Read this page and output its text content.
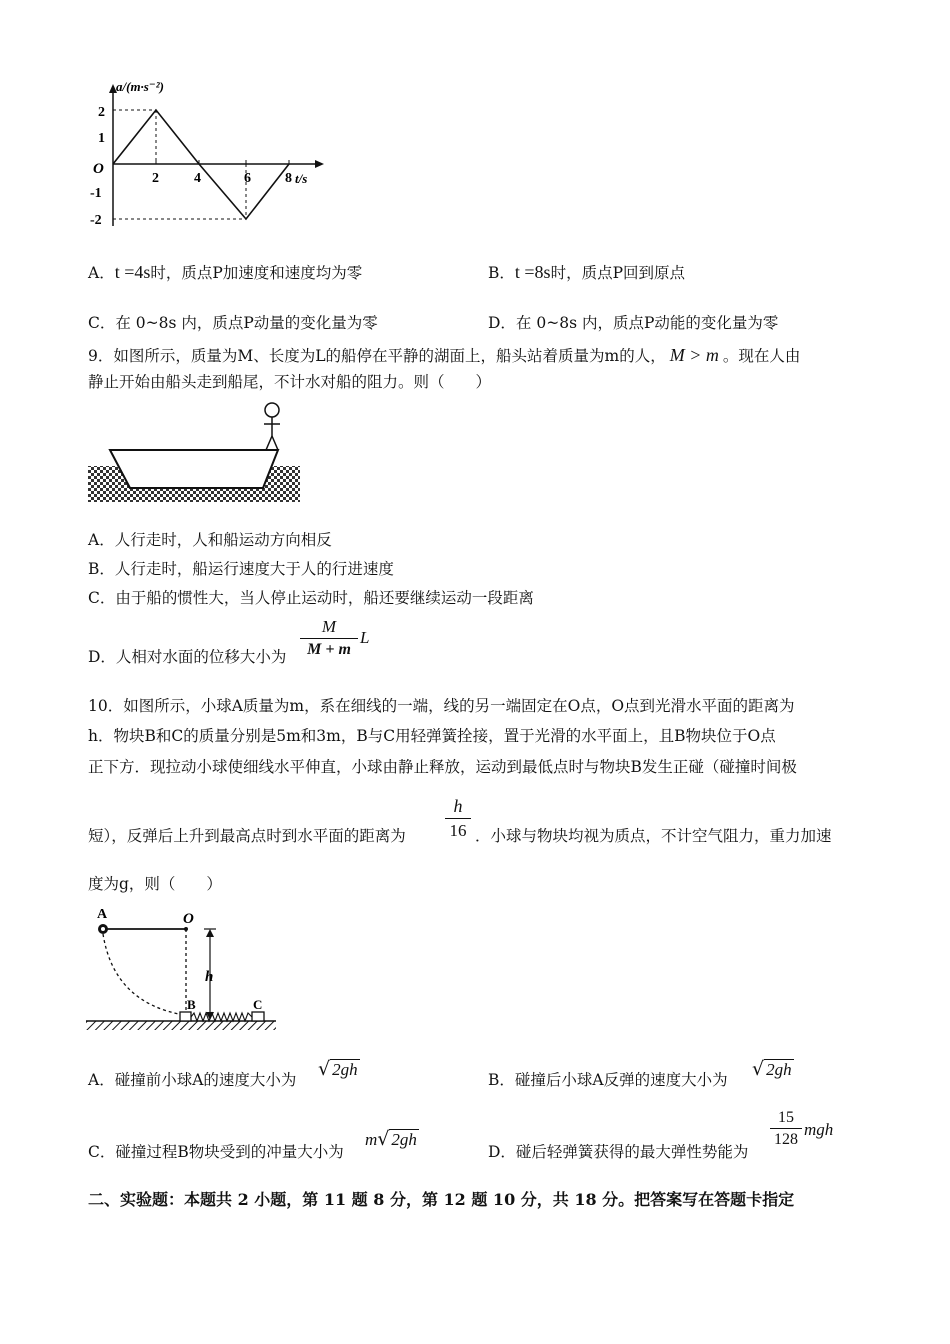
a/(m·s⁻²)
t/s
O
2	4	6 8
2
1
-1
-2
A．t =4s时，质点P加速度和速度均为零	B．t =8s时，质点P回到原点
C．在 0~8s 内，质点P动量的变化量为零	D．在 0~8s 内，质点P动能的变化量为零
9．如图所示，质量为M、长度为L的船停在平静的湖面上，船头站着质量为m的人， M > m 。现在人由
静止开始由船头走到船尾，不计水对船的阻力。则（　　）
A．人行走时，人和船运动方向相反
B．人行走时，船运行速度大于人的行进速度
C．由于船的惯性大，当人停止运动时，船还要继续运动一段距离
D．人相对水面的位移大小为 $\frac{M}{M + m}$ L
10．如图所示，小球A质量为m，系在细线的一端，线的另一端固定在O点，O点到光滑水平面的距离为
h．物块B和C的质量分别是5m和3m，B与C用轻弹簧拴接，置于光滑的水平面上，且B物块位于O点
正下方．现拉动小球使细线水平伸直，小球由静止释放，运动到最低点时与物块B发生正碰（碰撞时间极
短），反弹后上升到最高点时到水平面的距离为 $\frac{h}{16}$ ．小球与物块均视为质点，不计空气阻力，重力加速
度为g，则（　　）
A	O
h
B	C
A．碰撞前小球A的速度大小为 √ 2gh
B．碰撞后小球A反弹的速度大小为 √ 2gh
C．碰撞过程B物块受到的冲量大小为
m√ 2gh
D．碰后轻弹簧获得的最大弹性势能为
$\frac{15}{128}$ mgh
二、实验题：本题共 2 小题，第 11 题 8 分，第 12 题 10 分，共 18 分。把答案写在答题卡指定
